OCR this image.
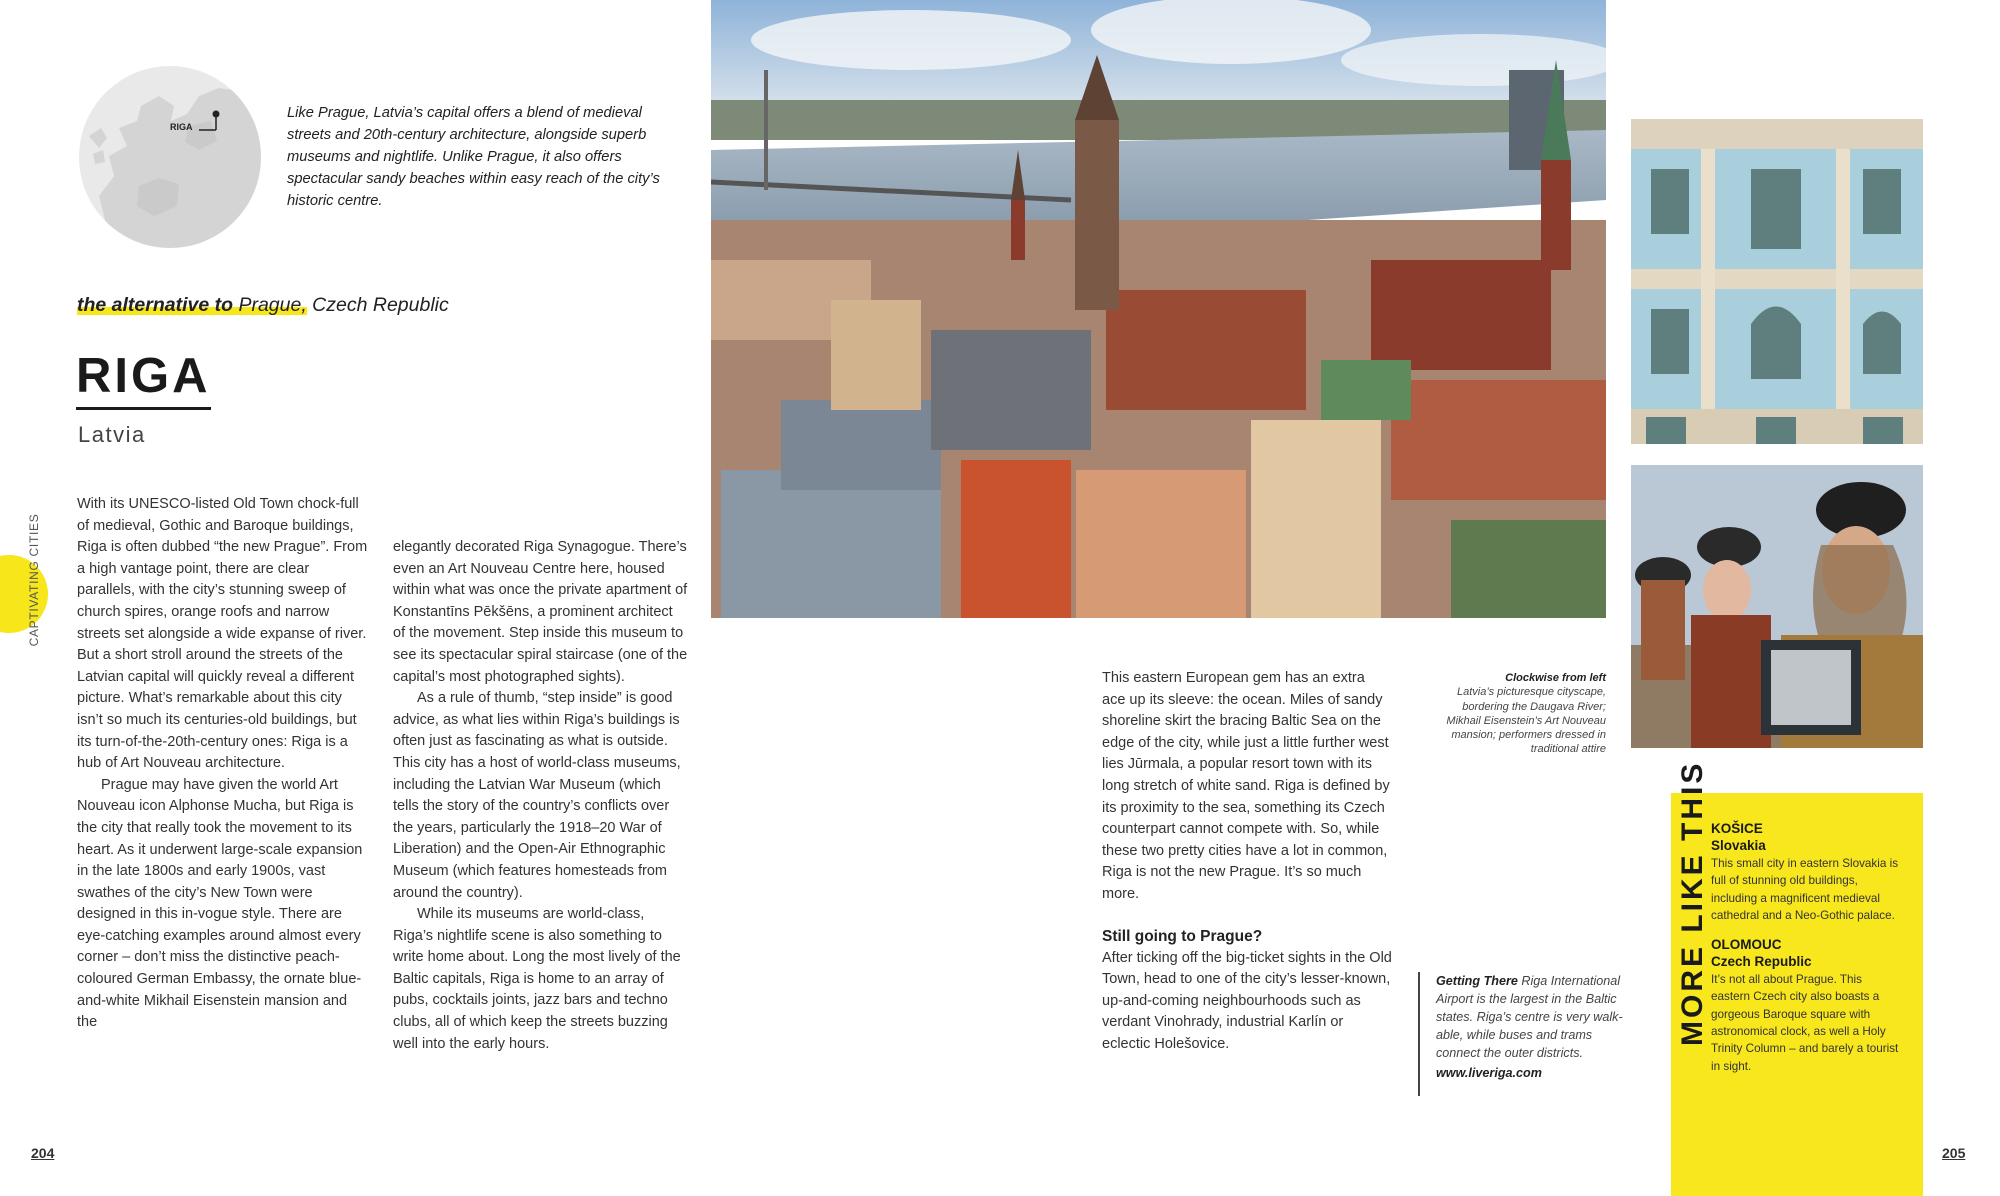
RIGA
Like Prague, Latvia’s capital offers a blend of medieval streets and 20th-century architecture, alongside superb museums and nightlife. Unlike Prague, it also offers spectacular sandy beaches within easy reach of the city’s historic centre.
the alternative to Prague, Czech Republic
RIGA
Latvia
CAPTIVATING CITIES

With its UNESCO-listed Old Town chock-full of medieval, Gothic and Baroque buildings, Riga is often dubbed “the new Prague”. From a high vantage point, there are clear parallels, with the city’s stunning sweep of church spires, orange roofs and narrow streets set alongside a wide expanse of river. But a short stroll around the streets of the Latvian capital will quickly reveal a different picture. What’s remarkable about this city isn’t so much its centuries-old buildings, but its turn-of-the-20th-century ones: Riga is a hub of Art Nouveau architecture.

Prague may have given the world Art Nouveau icon Alphonse Mucha, but Riga is the city that really took the movement to its heart. As it underwent large-scale expansion in the late 1800s and early 1900s, vast swathes of the city’s New Town were designed in this in-vogue style. There are eye-catching examples around almost every corner – don’t miss the distinctive peach-coloured German Embassy, the ornate blue-and-white Mikhail Eisenstein mansion and the

elegantly decorated Riga Synagogue. There’s even an Art Nouveau Centre here, housed within what was once the private apartment of Konstantīns Pēkšēns, a prominent architect of the movement. Step inside this museum to see its spectacular spiral staircase (one of the capital’s most photographed sights).

As a rule of thumb, “step inside” is good advice, as what lies within Riga’s buildings is often just as fascinating as what is outside. This city has a host of world-class museums, including the Latvian War Museum (which tells the story of the country’s conflicts over the years, particularly the 1918–20 War of Liberation) and the Open-Air Ethnographic Museum (which features homesteads from around the country).

While its museums are world-class, Riga’s nightlife scene is also something to write home about. Long the most lively of the Baltic capitals, Riga is home to an array of pubs, cocktails joints, jazz bars and techno clubs, all of which keep the streets buzzing well into the early hours.

This eastern European gem has an extra ace up its sleeve: the ocean. Miles of sandy shoreline skirt the bracing Baltic Sea on the edge of the city, while just a little further west lies Jūrmala, a popular resort town with its long stretch of white sand. Riga is defined by its proximity to the sea, something its Czech counterpart cannot compete with. So, while these two pretty cities have a lot in common, Riga is not the new Prague. It’s so much more.

Still going to Prague?

After ticking off the big-ticket sights in the Old Town, head to one of the city’s lesser-known, up-and-coming neighbourhoods such as verdant Vinohrady, industrial Karlín or eclectic Holešovice.

Clockwise from left
Latvia’s picturesque cityscape, bordering the Daugava River; Mikhail Eisenstein’s Art Nouveau mansion; performers dressed in traditional attire
Getting There Riga International Airport is the largest in the Baltic states. Riga’s centre is very walk-able, while buses and trams connect the outer districts.
www.liveriga.com
MORE LIKE THIS KOŠICE
Slovakia
This small city in eastern Slovakia is full of stunning old buildings, including a magnificent medieval cathedral and a Neo-Gothic palace.
OLOMOUC
Czech Republic
It’s not all about Prague. This eastern Czech city also boasts a gorgeous Baroque square with astronomical clock, as well a Holy Trinity Column – and barely a tourist in sight.
204	205
